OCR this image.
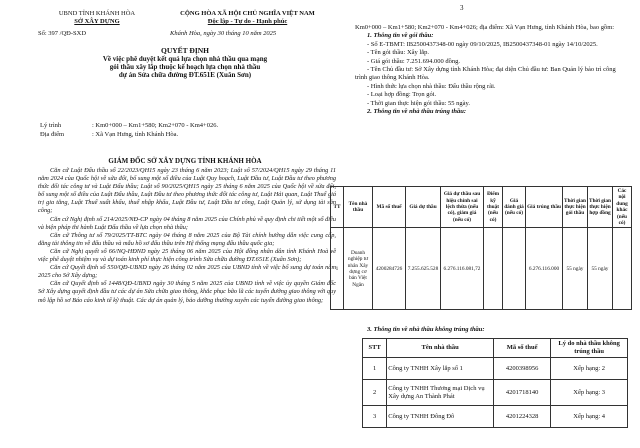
3
UBND TỈNH KHÁNH HÒA
SỞ XÂY DỰNG
CỘNG HÒA XÃ HỘI CHỦ NGHĨA VIỆT NAM
Độc lập - Tự do - Hạnh phúc
Số: 397 /QĐ-SXD	Khánh Hòa, ngày 30 tháng 10 năm 2025
QUYẾT ĐỊNH
Về việc phê duyệt kết quả lựa chọn nhà thầu qua mạng
gói thầu xây lắp thuộc kế hoạch lựa chọn nhà thầu
dự án Sửa chữa đường ĐT.651E (Xuân Sơn)
Lý trình	: Km0+000 – Km1+580; Km2+070 - Km4+026.
Địa điểm	: Xã Vạn Hưng, tỉnh Khánh Hòa.
GIÁM ĐỐC SỞ XÂY DỰNG TỈNH KHÁNH HÒA

Căn cứ Luật Đấu thầu số 22/2023/QH15 ngày 23 tháng 6 năm 2023; Luật số 57/2024/QH15 ngày 29 tháng 11 năm 2024 của Quốc hội về sửa đổi, bổ sung một số điều của Luật Quy hoạch, Luật Đầu tư, Luật Đầu tư theo phương thức đối tác công tư và Luật Đấu thầu; Luật số 90/2025/QH15 ngày 25 tháng 6 năm 2025 của Quốc hội về sửa đổi, bổ sung một số điều của Luật Đấu thầu, Luật Đầu tư theo phương thức đối tác công tư, Luật Hải quan, Luật Thuế giá trị gia tăng, Luật Thuế xuất khẩu, thuế nhập khẩu, Luật Đầu tư, Luật Đầu tư công, Luật Quản lý, sử dụng tài sản công;

Căn cứ Nghị định số 214/2025/NĐ-CP ngày 04 tháng 8 năm 2025 của Chính phủ về quy định chi tiết một số điều và biện pháp thi hành Luật Đấu thầu về lựa chọn nhà thầu;

Căn cứ Thông tư số 79/2025/TT-BTC ngày 04 tháng 8 năm 2025 của Bộ Tài chính hướng dẫn việc cung cấp, đăng tải thông tin về đấu thầu và mẫu hồ sơ đấu thầu trên Hệ thống mạng đấu thầu quốc gia;

Căn cứ Nghị quyết số 66/NQ-HĐND ngày 25 tháng 06 năm 2025 của Hội đồng nhân dân tỉnh Khánh Hoà về việc phê duyệt nhiệm vụ và dự toán kinh phí thực hiện công trình Sửa chữa đường ĐT.651E (Xuân Sơn);

Căn cứ Quyết định số 550/QĐ-UBND ngày 26 tháng 02 năm 2025 của UBND tỉnh về việc bổ sung dự toán năm 2025 cho Sở Xây dựng;

Căn cứ Quyết định số 1448/QĐ-UBND ngày 30 tháng 5 năm 2025 của UBND tỉnh về việc ủy quyền Giám đốc Sở Xây dựng quyết định đầu tư các dự án Sửa chữa giao thông, khắc phục bão lũ các tuyến đường giao thông với quy mô lập hồ sơ Báo cáo kinh tế kỹ thuật. Các dự án quản lý, bảo dưỡng thường xuyên các tuyến đường giao thông;

Km0+000 – Km1+580; Km2+070 - Km4+026; địa điểm: Xã Vạn Hưng, tỉnh Khánh Hòa, bao gồm:

1. Thông tin về gói thầu:

- Số E-TBMT: IB2500437348-00 ngày 09/10/2025, IB2500437348-01 ngày 14/10/2025.

- Tên gói thầu: Xây lắp.

- Giá gói thầu: 7.251.694.000 đồng.

- Tên Chủ đầu tư: Sở Xây dựng tỉnh Khánh Hòa; đại diện Chủ đầu tư: Ban Quản lý bảo trì công trình giao thông Khánh Hòa.

- Hình thức lựa chọn nhà thầu: Đấu thầu rộng rãi.

- Loại hợp đồng: Trọn gói.

- Thời gian thực hiện gói thầu: 55 ngày.

2. Thông tin về nhà thầu trúng thầu:

TT	Tên nhà thầu	Mã số thuế	Giá dự thầu	Giá dự thầu sau hiệu chỉnh sai lệch thừa (nếu có), giảm giá (nếu có)	Điểm kỹ thuật (nếu có)	Giá đánh giá (nếu có)	Giá trúng thầu	Thời gian thực hiện gói thầu	Thời gian thực hiện hợp đồng	Các nội dung khác (nếu có)
1	Doanh nghiệp tư nhân Xây dựng cơ bản Việt Ngân	4200284726	7.255.625.528	6.276.116.081,72			6.276.116.000	55 ngày	55 ngày	

3. Thông tin về nhà thầu không trúng thầu:

STT	Tên nhà thầu	Mã số thuế	Lý do nhà thầu không trúng thầu
1	Công ty TNHH Xây lắp số 1	4200398956	Xếp hạng: 2
2	Công ty TNHH Thương mại Dịch vụ Xây dựng An Thành Phát	4201718140	Xếp hạng: 3
3	Công ty TNHH Đông Đô	4201224328	Xếp hạng: 4
